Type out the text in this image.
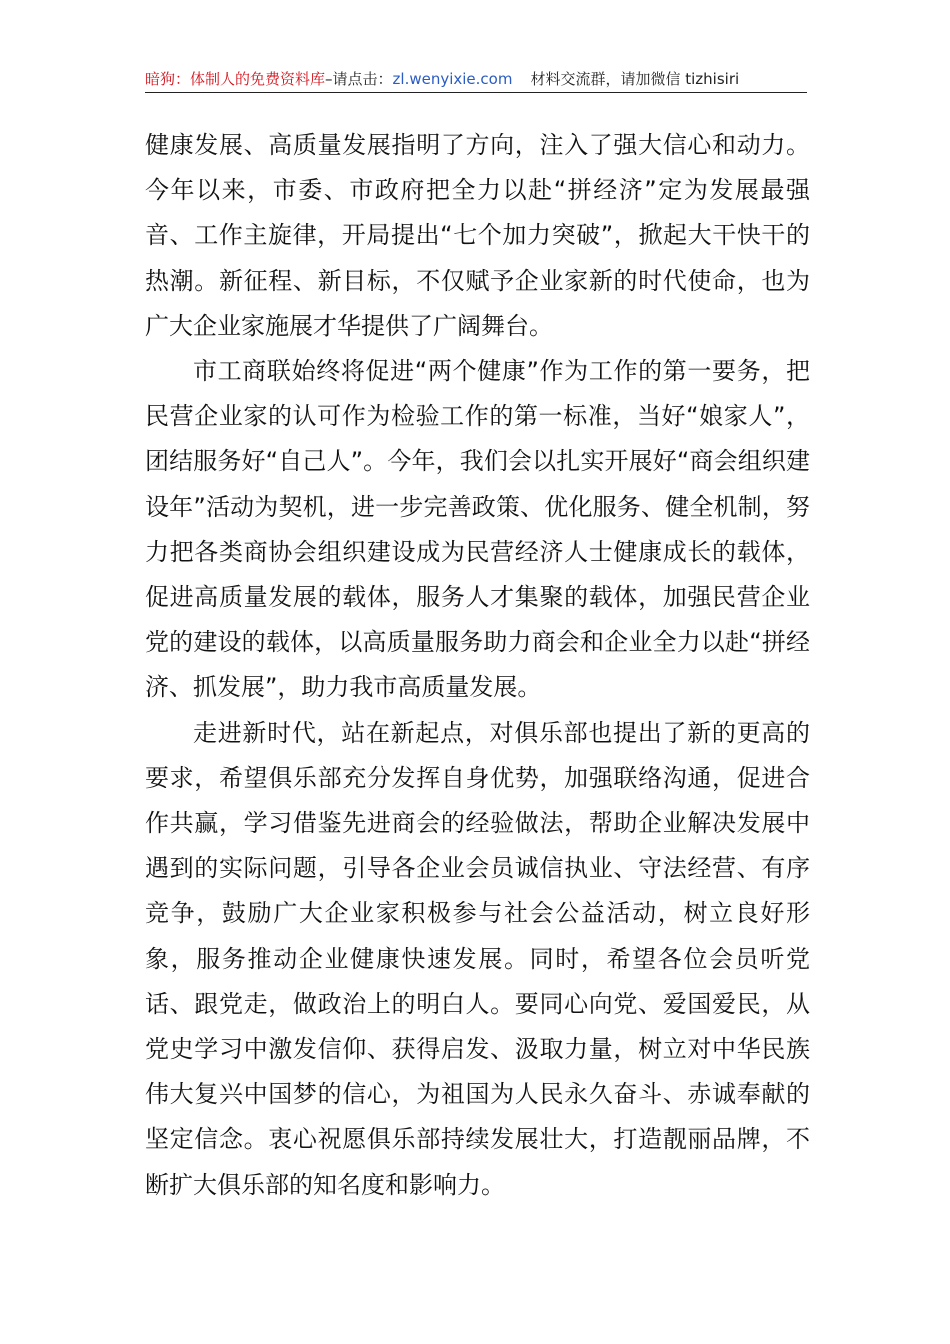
暗狗：体制人的免费资料库–请点击：zl.wenyixie.com 材料交流群，请加微信 tizhisiri

健康发展、高质量发展指明了方向，注入了强大信心和动力。今年以来，市委、市政府把全力以赴“拼经济”定为发展最强音、工作主旋律，开局提出“七个加力突破”，掀起大干快干的热潮。新征程、新目标，不仅赋予企业家新的时代使命，也为广大企业家施展才华提供了广阔舞台。

市工商联始终将促进“两个健康”作为工作的第一要务，把民营企业家的认可作为检验工作的第一标准，当好“娘家人”，团结服务好“自己人”。今年，我们会以扎实开展好“商会组织建设年”活动为契机，进一步完善政策、优化服务、健全机制，努力把各类商协会组织建设成为民营经济人士健康成长的载体，促进高质量发展的载体，服务人才集聚的载体，加强民营企业党的建设的载体，以高质量服务助力商会和企业全力以赴“拼经济、抓发展”，助力我市高质量发展。

走进新时代，站在新起点，对俱乐部也提出了新的更高的要求，希望俱乐部充分发挥自身优势，加强联络沟通，促进合作共赢，学习借鉴先进商会的经验做法，帮助企业解决发展中遇到的实际问题，引导各企业会员诚信执业、守法经营、有序竞争，鼓励广大企业家积极参与社会公益活动，树立良好形象，服务推动企业健康快速发展。同时，希望各位会员听党话、跟党走，做政治上的明白人。要同心向党、爱国爱民，从党史学习中激发信仰、获得启发、汲取力量，树立对中华民族伟大复兴中国梦的信心，为祖国为人民永久奋斗、赤诚奉献的坚定信念。衷心祝愿俱乐部持续发展壮大，打造靓丽品牌，不断扩大俱乐部的知名度和影响力。
